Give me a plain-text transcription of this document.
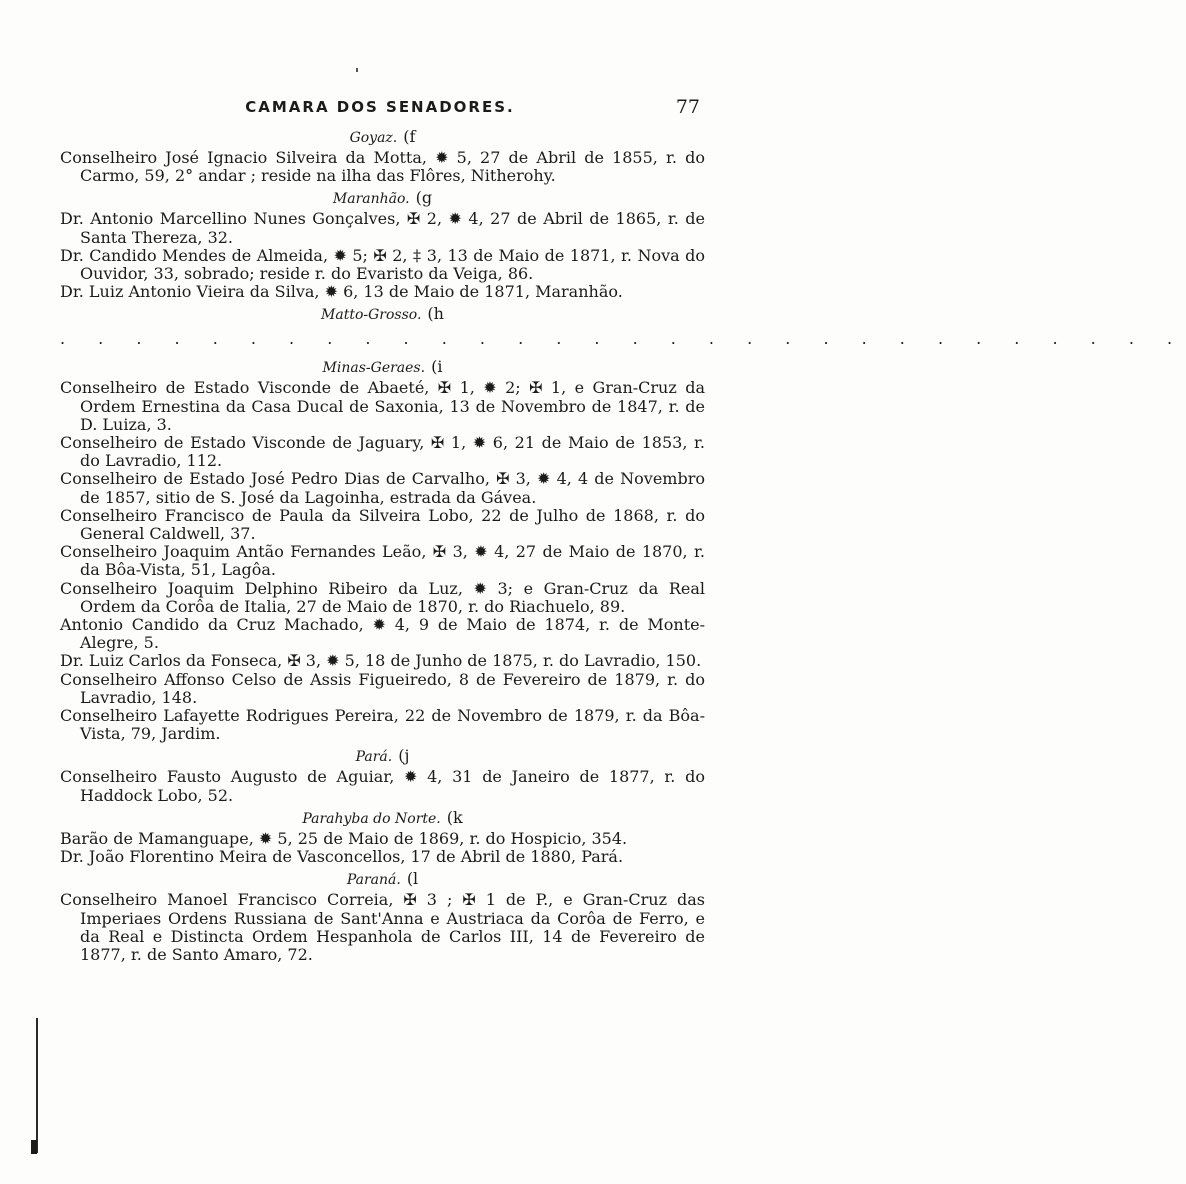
CAMARA DOS SENADORES.	77
Goyaz. (f

Conselheiro José Ignacio Silveira da Motta, ✹ 5, 27 de Abril de 1855, r. do Carmo, 59, 2° andar ; reside na ilha das Flôres, Nitherohy.

Maranhão. (g

Dr. Antonio Marcellino Nunes Gonçalves, ✠ 2, ✹ 4, 27 de Abril de 1865, r. de Santa Thereza, 32.

Dr. Candido Mendes de Almeida, ✹ 5; ✠ 2, ‡ 3, 13 de Maio de 1871, r. Nova do Ouvidor, 33, sobrado; reside r. do Evaristo da Veiga, 86.

Dr. Luiz Antonio Vieira da Silva, ✹ 6, 13 de Maio de 1871, Maranhão.

Matto-Grosso. (h
. . . . . . . . . . . . . . . . . . . . . . . . . . . . . .
Minas-Geraes. (i

Conselheiro de Estado Visconde de Abaeté, ✠ 1, ✹ 2; ✠ 1, e Gran-Cruz da Ordem Ernestina da Casa Ducal de Saxonia, 13 de Novembro de 1847, r. de D. Luiza, 3.

Conselheiro de Estado Visconde de Jaguary, ✠ 1, ✹ 6, 21 de Maio de 1853, r. do Lavradio, 112.

Conselheiro de Estado José Pedro Dias de Carvalho, ✠ 3, ✹ 4, 4 de Novembro de 1857, sitio de S. José da Lagoinha, estrada da Gávea.

Conselheiro Francisco de Paula da Silveira Lobo, 22 de Julho de 1868, r. do General Caldwell, 37.

Conselheiro Joaquim Antão Fernandes Leão, ✠ 3, ✹ 4, 27 de Maio de 1870, r. da Bôa-Vista, 51, Lagôa.

Conselheiro Joaquim Delphino Ribeiro da Luz, ✹ 3; e Gran-Cruz da Real Ordem da Corôa de Italia, 27 de Maio de 1870, r. do Riachuelo, 89.

Antonio Candido da Cruz Machado, ✹ 4, 9 de Maio de 1874, r. de Monte-Alegre, 5.

Dr. Luiz Carlos da Fonseca, ✠ 3, ✹ 5, 18 de Junho de 1875, r. do Lavradio, 150.

Conselheiro Affonso Celso de Assis Figueiredo, 8 de Fevereiro de 1879, r. do Lavradio, 148.

Conselheiro Lafayette Rodrigues Pereira, 22 de Novembro de 1879, r. da Bôa-Vista, 79, Jardim.

Pará. (j

Conselheiro Fausto Augusto de Aguiar, ✹ 4, 31 de Janeiro de 1877, r. do Haddock Lobo, 52.

Parahyba do Norte. (k

Barão de Mamanguape, ✹ 5, 25 de Maio de 1869, r. do Hospicio, 354.

Dr. João Florentino Meira de Vasconcellos, 17 de Abril de 1880, Pará.

Paraná. (l

Conselheiro Manoel Francisco Correia, ✠ 3 ; ✠ 1 de P., e Gran-Cruz das Imperiaes Ordens Russiana de Sant'Anna e Austriaca da Corôa de Ferro, e da Real e Distincta Ordem Hespanhola de Carlos III, 14 de Fevereiro de 1877, r. de Santo Amaro, 72.
